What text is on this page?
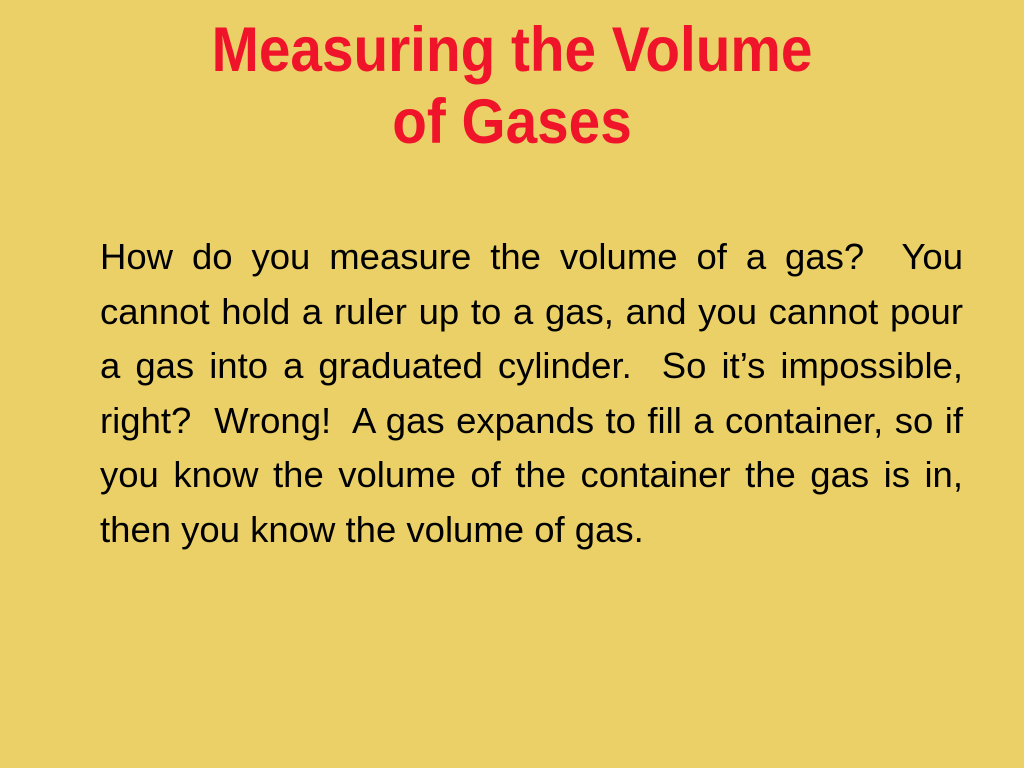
Measuring the Volume
of Gases

How do you measure the volume of a gas?  You cannot hold a ruler up to a gas, and you cannot pour a gas into a graduated cylinder.  So it’s impossible, right?  Wrong!  A gas expands to fill a container, so if you know the volume of the container the gas is in, then you know the volume of gas.
